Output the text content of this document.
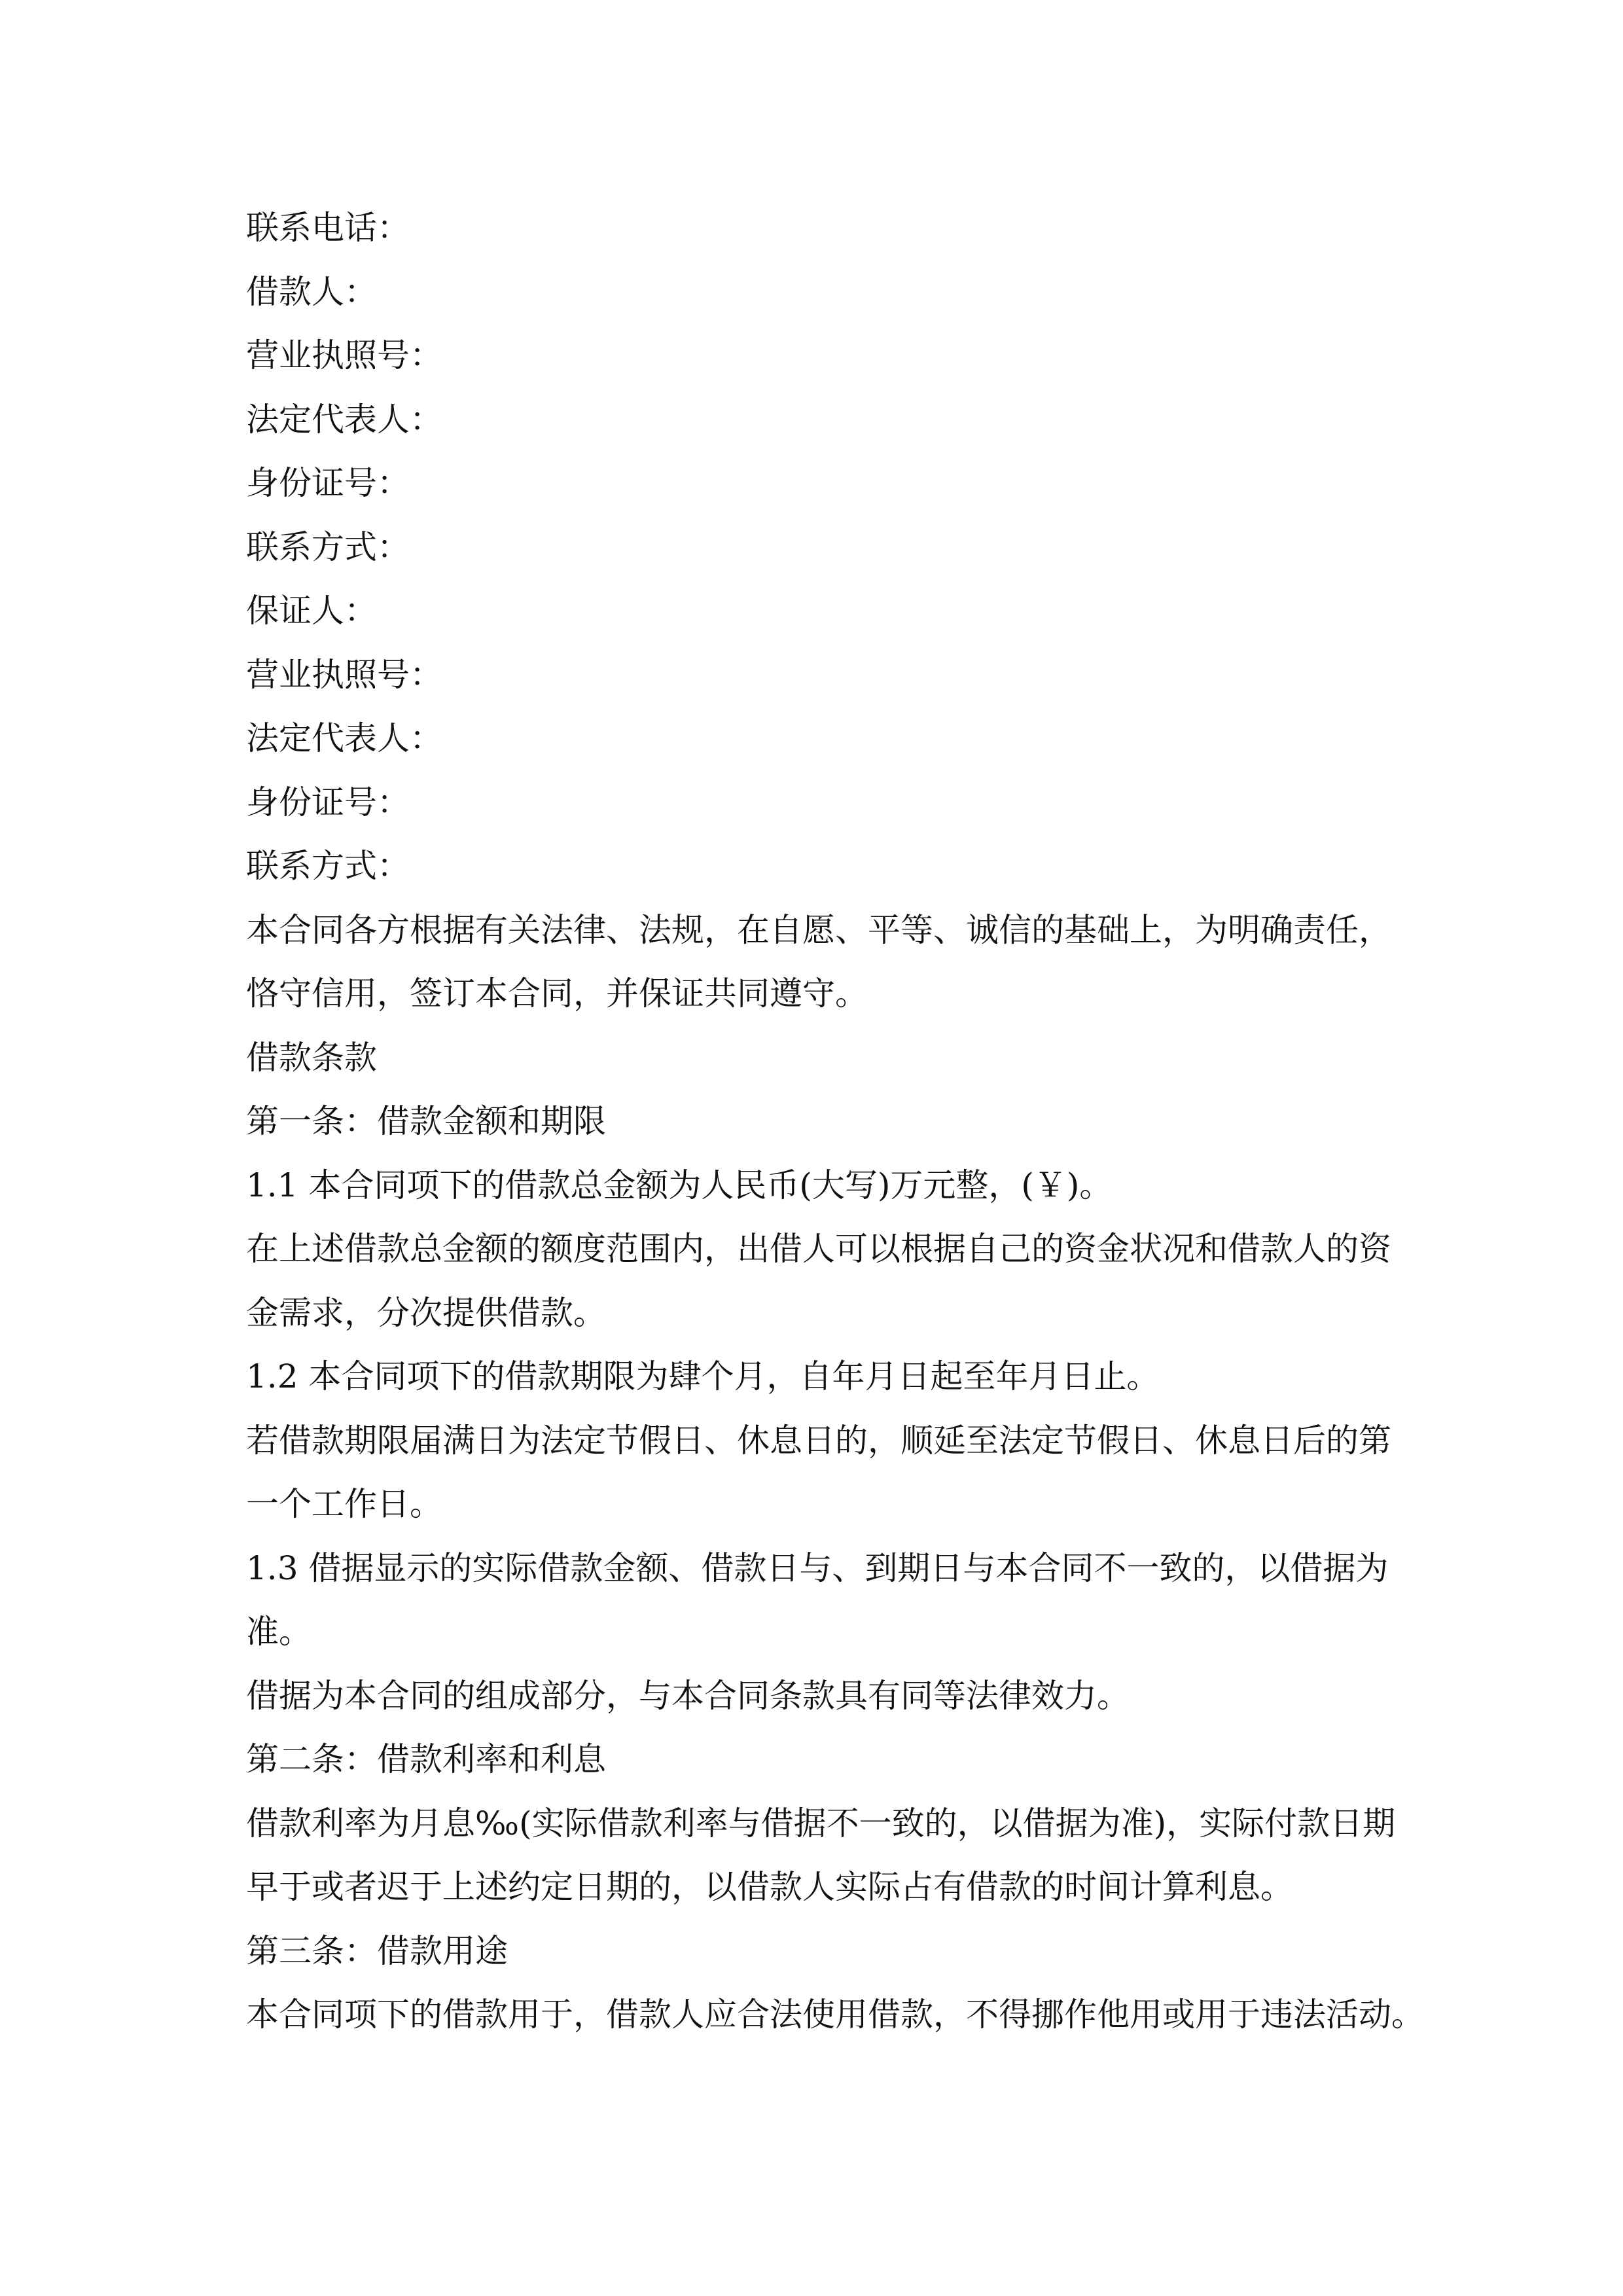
联系电话：
借款人：
营业执照号：
法定代表人：
身份证号：
联系方式：
保证人：
营业执照号：
法定代表人：
身份证号：
联系方式：
本合同各方根据有关法律、法规，在自愿、平等、诚信的基础上，为明确责任，
恪守信用，签订本合同，并保证共同遵守。
借款条款
第一条：借款金额和期限
1.1 本合同项下的借款总金额为人民币(大写)万元整，(￥)。
在上述借款总金额的额度范围内，出借人可以根据自己的资金状况和借款人的资
金需求，分次提供借款。
1.2 本合同项下的借款期限为肆个月，自年月日起至年月日止。
若借款期限届满日为法定节假日、休息日的，顺延至法定节假日、休息日后的第
一个工作日。
1.3 借据显示的实际借款金额、借款日与、到期日与本合同不一致的，以借据为
准。
借据为本合同的组成部分，与本合同条款具有同等法律效力。
第二条：借款利率和利息
借款利率为月息‰(实际借款利率与借据不一致的，以借据为准)，实际付款日期
早于或者迟于上述约定日期的，以借款人实际占有借款的时间计算利息。
第三条：借款用途
本合同项下的借款用于，借款人应合法使用借款，不得挪作他用或用于违法活动。
